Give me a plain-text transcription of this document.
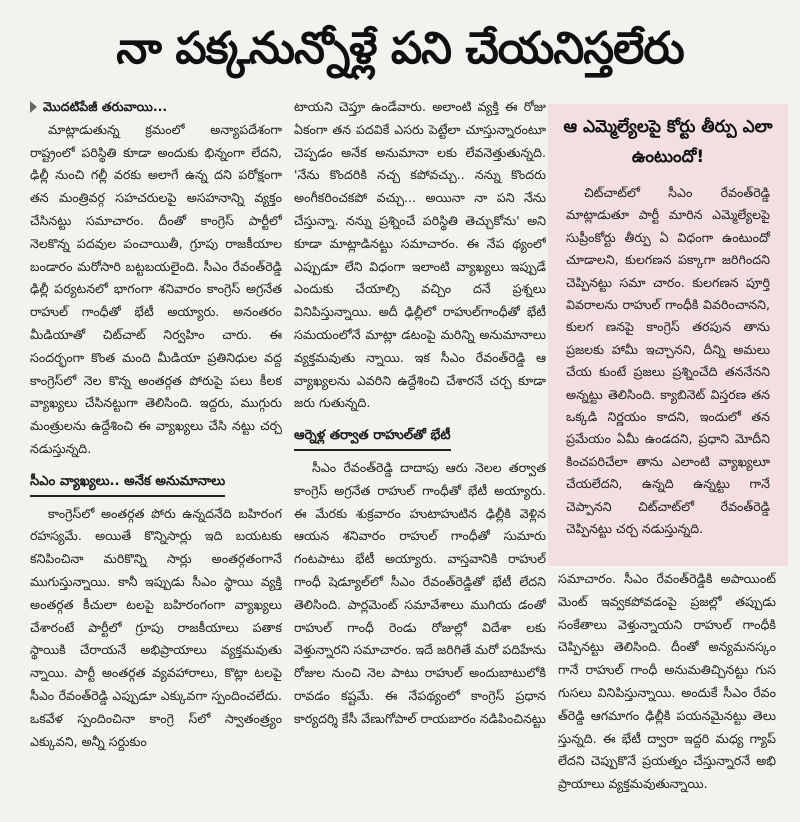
నా పక్కనున్నోళ్లే పని చేయనిస్తలేరు

మొదటిపేజీ తరువాయి...

మాట్లాడుతున్న క్రమంలో అన్యాపదేశంగా రాష్ట్రంలో పరిస్థితి కూడా అందుకు భిన్నంగా లేదని, ఢిల్లీ నుంచి గల్లీ వరకు అలాగే ఉన్న దని పరోక్షంగా తన మంత్రివర్గ సహచరులపై అసహనాన్ని వ్యక్తం చేసినట్టు సమాచారం. దీంతో కాంగ్రెస్ పార్టీలో నెలకొన్న పదవుల పంచాయితీ, గ్రూపు రాజకీయాల బండారం మరోసారి బట్టబయలైంది. సీఎం రేవంత్‌రెడ్డి ఢిల్లీ పర్యటనలో భాగంగా శనివారం కాంగ్రెస్ అగ్రనేత రాహుల్ గాంధీతో భేటీ అయ్యారు. అనంతరం మీడియాతో చిట్‌చాట్ నిర్వహిం చారు. ఈ సందర్భంగా కొంత మంది మీడియా ప్రతినిధుల వద్ద కాంగ్రెస్‌లో నెల కొన్న అంతర్గత పోరుపై పలు కీలక వ్యాఖ్యలు చేసినట్టుగా తెలిసింది. ఇద్దరు, ముగ్గురు మంత్రులను ఉద్దేశించి ఈ వ్యాఖ్యలు చేసి నట్టు చర్చ నడుస్తున్నది.

సీఎం వ్యాఖ్యలు.. అనేక అనుమానాలు

కాంగ్రెస్‌లో అంతర్గత పోరు ఉన్నదనేది బహిరంగ రహస్యమే. అయితే కొన్నిసార్లు ఇది బయటకు కనిపించినా మరికొన్ని సార్లు అంతర్గతంగానే ముగుస్తున్నాయి. కానీ ఇప్పుడు సీఎం స్థాయి వ్యక్తి అంతర్గత కీచులా టలపై బహిరంగంగా వ్యాఖ్యలు చేశారంటే పార్టీలో గ్రూపు రాజకీయాలు పతాక స్థాయికి చేరాయనే అభిప్రాయాలు వ్యక్తమవుతు న్నాయి. పార్టీ అంతర్గత వ్యవహారాలు, కొట్లా టలపై సీఎం రేవంత్‌రెడ్డి ఎప్పుడూ ఎక్కువగా స్పందించలేదు. ఒకవేళ స్పందించినా కాంగ్రె స్‌లో స్వాతంత్ర్యం ఎక్కువని, అన్నీ సర్దుకుం

టాయని చెప్తూ ఉండేవారు. అలాంటి వ్యక్తి ఈ రోజు ఏకంగా తన పదవికే ఎసరు పెట్టేలా చూస్తున్నారంటూ చెప్పడం అనేక అనుమానా లకు లేవనెత్తుతున్నది. 'నేను కొందరికి నచ్చ కపోవచ్చు.. నన్ను కొందరు అంగీకరించకపో వచ్చు... అయినా నా పని నేను చేస్తున్నా. నన్ను ప్రశ్నించే పరిస్థితి తెచ్చుకోను' అని కూడా మాట్లాడినట్టు సమాచారం. ఈ నేప థ్యంలో ఎప్పుడూ లేని విధంగా ఇలాంటి వ్యాఖ్యలు ఇప్పుడే ఎందుకు చేయాల్సి వచ్చిం దనే ప్రశ్నలు వినిపిస్తున్నాయి. అదీ ఢిల్లీలో రాహుల్‌గాంధీతో భేటీ సమయంలోనే మాట్లా డటంపై మరిన్ని అనుమానాలు వ్యక్తమవుతు న్నాయి. ఇక సీఎం రేవంత్‌రెడ్డి ఆ వ్యాఖ్యలను ఎవరిని ఉద్దేశించి చేశారనే చర్చ కూడా జరు గుతున్నది.

ఆర్నెళ్ల తర్వాత రాహుల్‌తో భేటీ

సీఎం రేవంత్‌రెడ్డి దాదాపు ఆరు నెలల తర్వాత కాంగ్రెస్ అగ్రనేత రాహుల్ గాంధీతో భేటీ అయ్యారు. ఈ మేరకు శుక్రవారం హుటాహుటిన ఢిల్లీకి వెళ్లిన ఆయన శనివారం రాహుల్ గాంధీతో సుమారు గంటపాటు భేటీ అయ్యారు. వాస్తవానికి రాహుల్ గాంధీ షెడ్యూల్‌లో సీఎం రేవంత్‌రెడ్డితో భేటీ లేదని తెలిసింది. పార్లమెంట్ సమావేశాలు ముగియ డంతో రాహుల్ గాంధీ రెండు రోజుల్లో విదేశా లకు వెళ్తున్నారని సమాచారం. ఇదే జరిగితే మరో పదిహేను రోజుల నుంచి నెల పాటు రాహుల్ అందుబాటులోకి రావడం కష్టమే. ఈ నేపథ్యంలో కాంగ్రెస్ ప్రధాన కార్యదర్శి కేసీ వేణుగోపాల్ రాయబారం నడిపించినట్టు

ఆ ఎమ్మెల్యేలపై కోర్టు తీర్పు ఎలా ఉంటుందో!

చిట్‌చాట్‌లో సీఎం రేవంత్‌రెడ్డి మాట్లాడుతూ పార్టీ మారిన ఎమ్మెల్యేలపై సుప్రీంకోర్టు తీర్పు ఏ విధంగా ఉంటుందో చూడాలని, కులగణన పక్కాగా జరిగిందని చెప్పినట్టు సమా చారం. కులగణన పూర్తి వివరాలను రాహుల్ గాంధీకి వివరించానని, కులగ ణనపై కాంగ్రెస్ తరపున తాను ప్రజలకు హామీ ఇచ్చానని, దీన్ని అమలు చేయ కుంటే ప్రజలు ప్రశ్నించేది తననేనని అన్నట్టు తెలిసింది. క్యాబినెట్ విస్తరణ తన ఒక్కడి నిర్ణయం కాదని, ఇందులో తన ప్రమేయం ఏమీ ఉండదని, ప్రధాని మోదీని కించపరిచేలా తాను ఎలాంటి వ్యాఖ్యలూ చేయలేదని, ఉన్నది ఉన్నట్టు గానే చెప్పానని చిట్‌చాట్‌లో రేవంత్‌రెడ్డి చెప్పినట్టు చర్చ నడుస్తున్నది.

సమాచారం. సీఎం రేవంత్‌రెడ్డికి అపాయింట్ మెంట్ ఇవ్వకపోవడంపై ప్రజల్లో తప్పుడు సంకేతాలు వెళ్తున్నాయని రాహుల్ గాంధీకి చెప్పినట్టు తెలిసింది. దీంతో అన్యమనస్కం గానే రాహుల్ గాంధీ అనుమతిచ్చినట్టు గుస గుసలు వినిపిస్తున్నాయి. అందుకే సీఎం రేవం త్‌రెడ్డి ఆగమాగం ఢిల్లీకి పయనమైనట్టు తెలు స్తున్నది. ఈ భేటీ ద్వారా ఇద్దరి మధ్య గ్యాప్ లేదని చెప్పుకొనే ప్రయత్నం చేస్తున్నారనే అభి ప్రాయాలు వ్యక్తమవుతున్నాయి.
